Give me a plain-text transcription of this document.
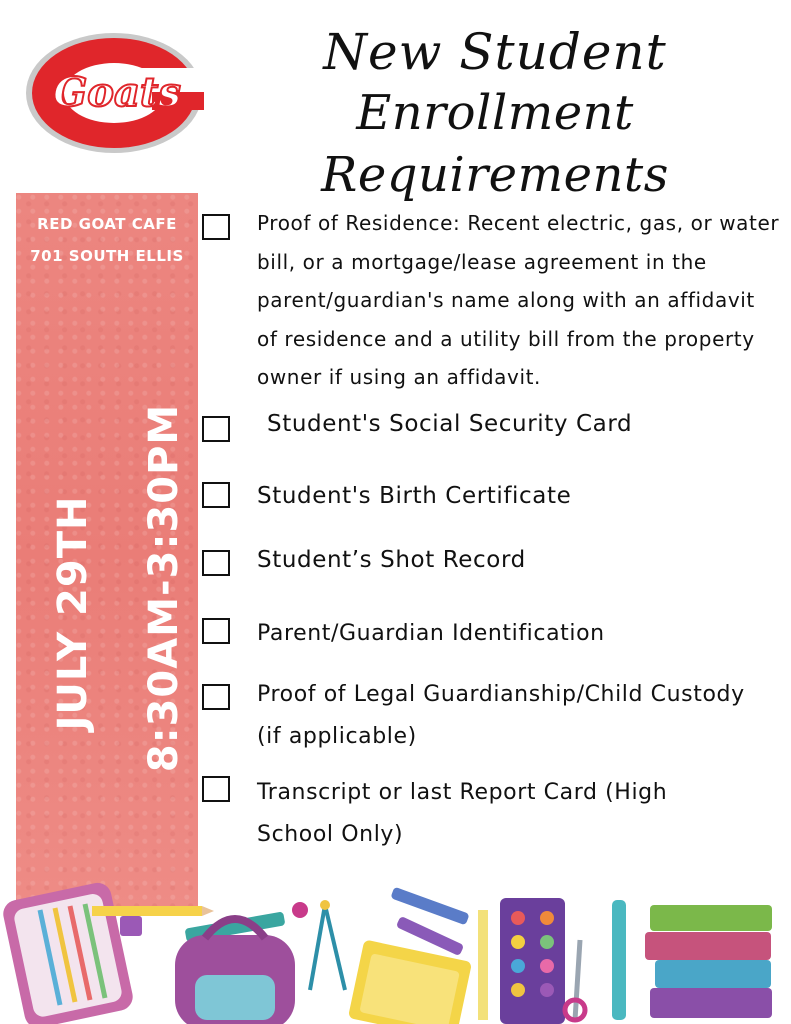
Goats
New Student
Enrollment Requirements
RED GOAT CAFE
701 SOUTH ELLIS
JULY 29TH 8:30AM-3:30PM
Proof of Residence: Recent electric, gas, or water bill, or a mortgage/lease agreement in the parent/guardian's name along with an affidavit of residence and a utility bill from the property owner if using an affidavit.
Student's Social Security Card
Student's Birth Certificate
Student’s Shot Record
Parent/Guardian Identification
Proof of Legal Guardianship/Child Custody (if applicable)
Transcript or last Report Card (High School Only)
